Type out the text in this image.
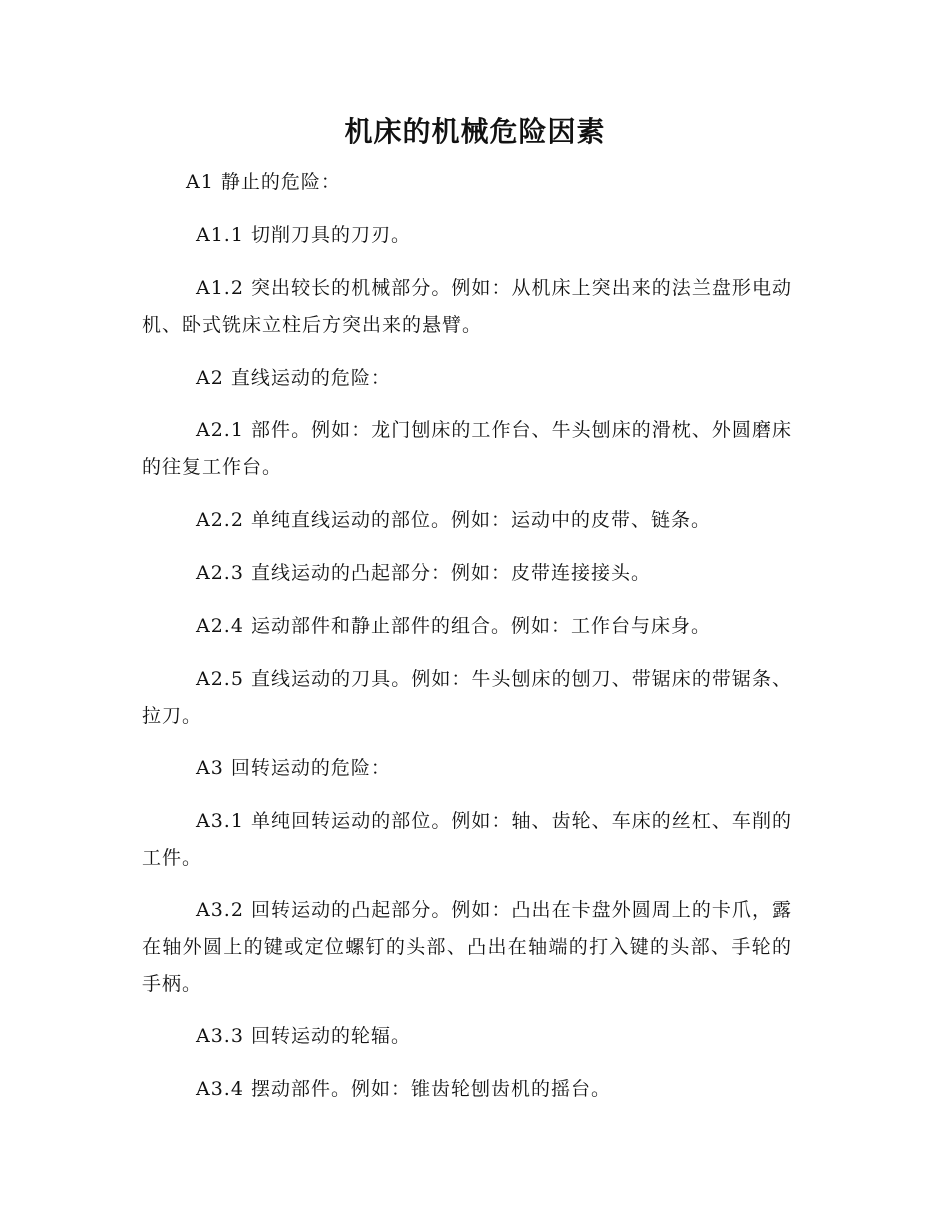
机床的机械危险因素

A1 静止的危险：

A1.1 切削刀具的刀刃。

A1.2 突出较长的机械部分。例如：从机床上突出来的法兰盘形电动机、卧式铣床立柱后方突出来的悬臂。

A2 直线运动的危险：

A2.1 部件。例如：龙门刨床的工作台、牛头刨床的滑枕、外圆磨床的往复工作台。

A2.2 单纯直线运动的部位。例如：运动中的皮带、链条。

A2.3 直线运动的凸起部分：例如：皮带连接接头。

A2.4 运动部件和静止部件的组合。例如：工作台与床身。

A2.5 直线运动的刀具。例如：牛头刨床的刨刀、带锯床的带锯条、拉刀。

A3 回转运动的危险：

A3.1 单纯回转运动的部位。例如：轴、齿轮、车床的丝杠、车削的工件。

A3.2 回转运动的凸起部分。例如：凸出在卡盘外圆周上的卡爪，露在轴外圆上的键或定位螺钉的头部、凸出在轴端的打入键的头部、手轮的手柄。

A3.3 回转运动的轮辐。

A3.4 摆动部件。例如：锥齿轮刨齿机的摇台。
